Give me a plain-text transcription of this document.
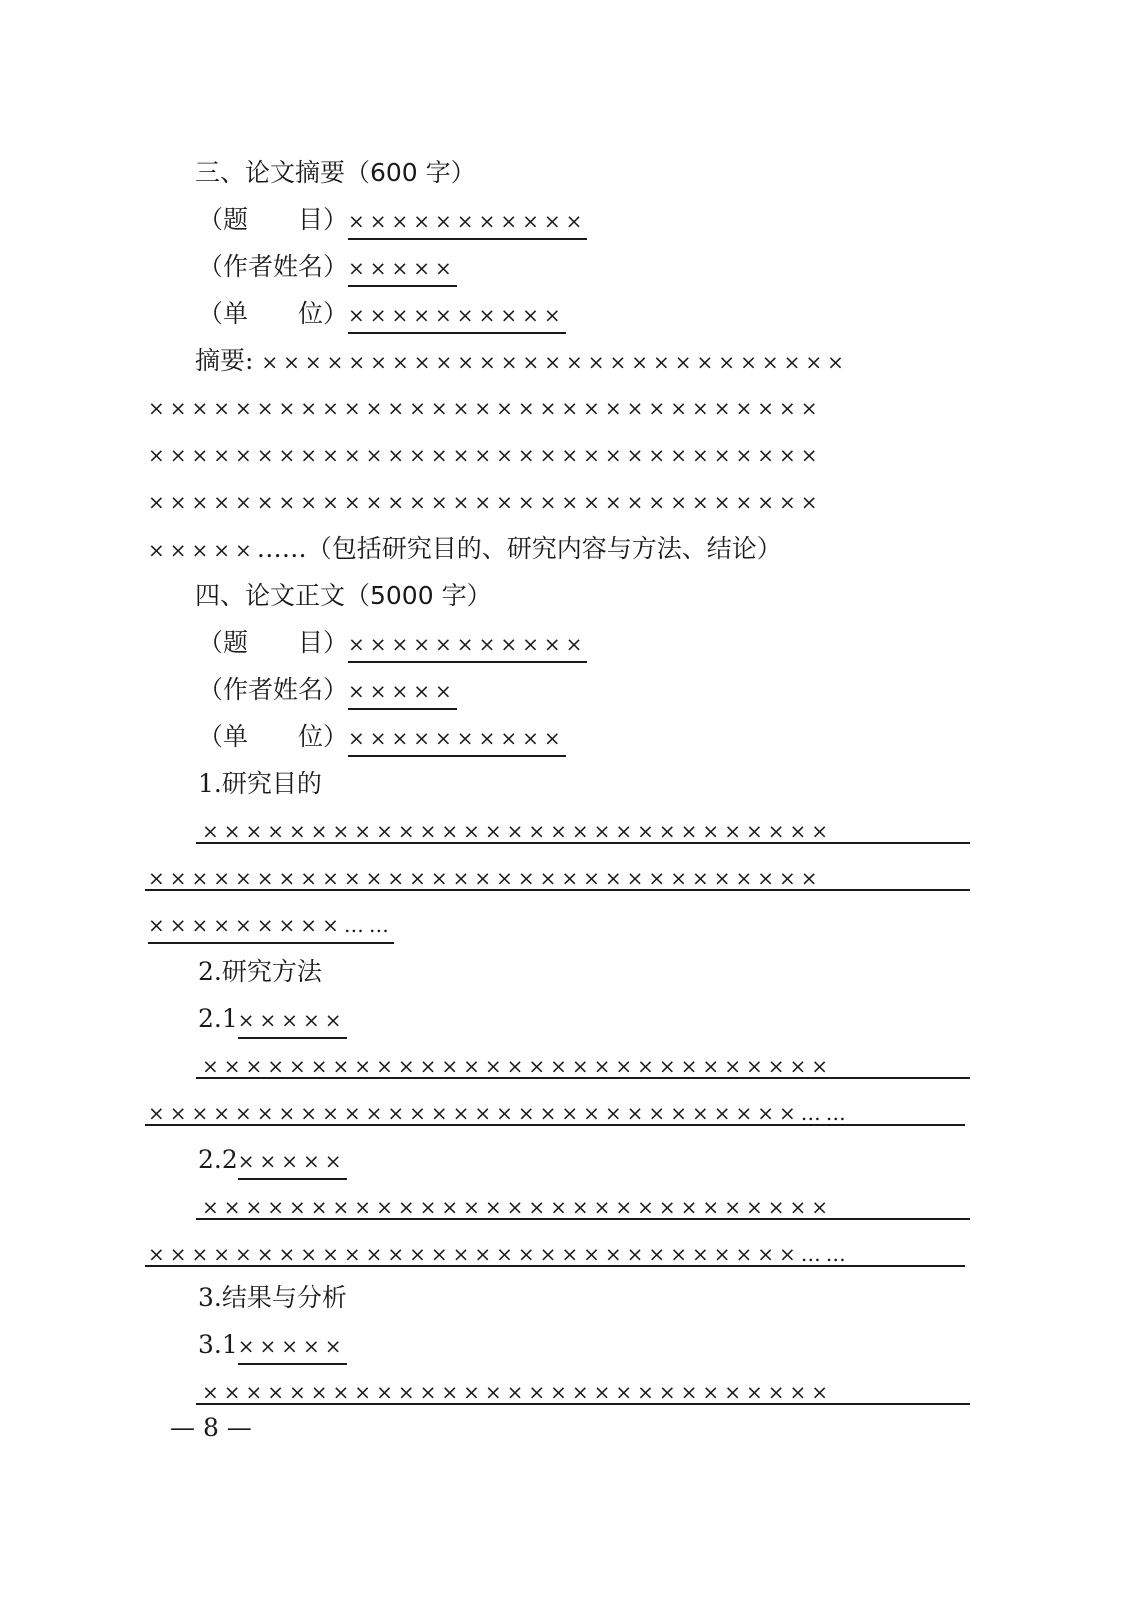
三、论文摘要（600 字）
（题　　目）×××××××××××
（作者姓名）×××××
（单　　位）××××××××××
摘要: ×××××××××××××××××××××××××××
×××××××××××××××××××××××××××××××
×××××××××××××××××××××××××××××××
×××××××××××××××××××××××××××××××
×××××……（包括研究目的、研究内容与方法、结论）
四、论文正文（5000 字）
（题　　目）×××××××××××
（作者姓名）×××××
（单　　位）××××××××××
1.研究目的
×××××××××××××××××××××××××××××
×××××××××××××××××××××××××××××××
×××××××××……
2.研究方法
2.1×××××
×××××××××××××××××××××××××××××
××××××××××××××××××××××××××××××……
2.2×××××
×××××××××××××××××××××××××××××
××××××××××××××××××××××××××××××……
3.结果与分析
3.1×××××
×××××××××××××××××××××××××××××
— 8 —
